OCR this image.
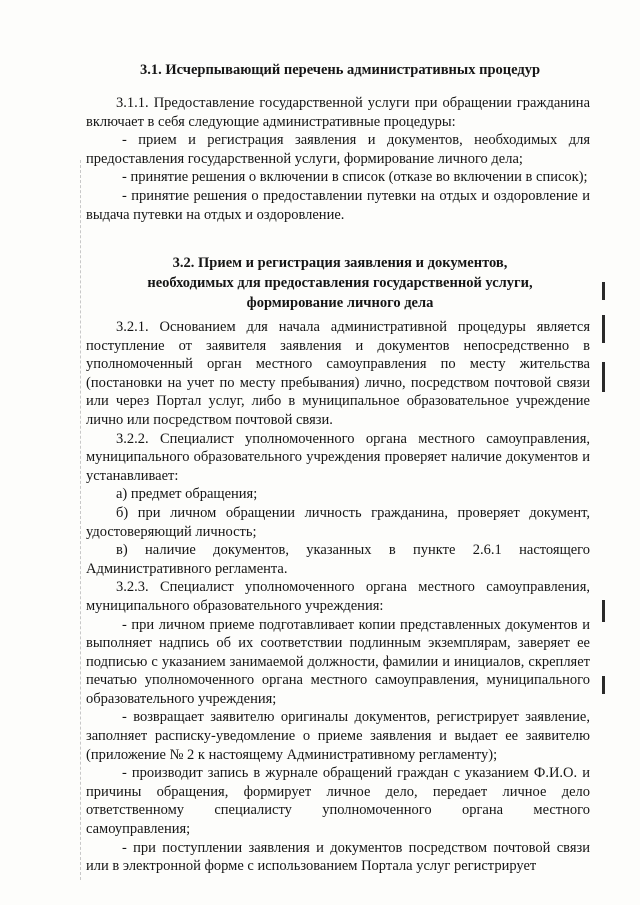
3.1. Исчерпывающий перечень административных процедур

3.1.1. Предоставление государственной услуги при обращении гражданина включает в себя следующие административные процедуры:

- прием и регистрация заявления и документов, необходимых для предоставления государственной услуги, формирование личного дела;

- принятие решения о включении в список (отказе во включении в список);

- принятие решения о предоставлении путевки на отдых и оздоровление и выдача путевки на отдых и оздоровление.

3.2. Прием и регистрация заявления и документов,
необходимых для предоставления государственной услуги,
формирование личного дела

3.2.1. Основанием для начала административной процедуры является поступление от заявителя заявления и документов непосредственно в уполномоченный орган местного самоуправления по месту жительства (постановки на учет по месту пребывания) лично, посредством почтовой связи или через Портал услуг, либо в муниципальное образовательное учреждение лично или посредством почтовой связи.

3.2.2. Специалист уполномоченного органа местного самоуправления, муниципального образовательного учреждения проверяет наличие документов и устанавливает:

а) предмет обращения;

б) при личном обращении личность гражданина, проверяет документ, удостоверяющий личность;

в) наличие документов, указанных в пункте 2.6.1 настоящего Административного регламента.

3.2.3. Специалист уполномоченного органа местного самоуправления, муниципального образовательного учреждения:

- при личном приеме подготавливает копии представленных документов и выполняет надпись об их соответствии подлинным экземплярам, заверяет ее подписью с указанием занимаемой должности, фамилии и инициалов, скрепляет печатью уполномоченного органа местного самоуправления, муниципального образовательного учреждения;

- возвращает заявителю оригиналы документов, регистрирует заявление, заполняет расписку-уведомление о приеме заявления и выдает ее заявителю (приложение № 2 к настоящему Административному регламенту);

- производит запись в журнале обращений граждан с указанием Ф.И.О. и причины обращения, формирует личное дело, передает личное дело ответственному специалисту уполномоченного органа местного самоуправления;

- при поступлении заявления и документов посредством почтовой связи или в электронной форме с использованием Портала услуг регистрирует
